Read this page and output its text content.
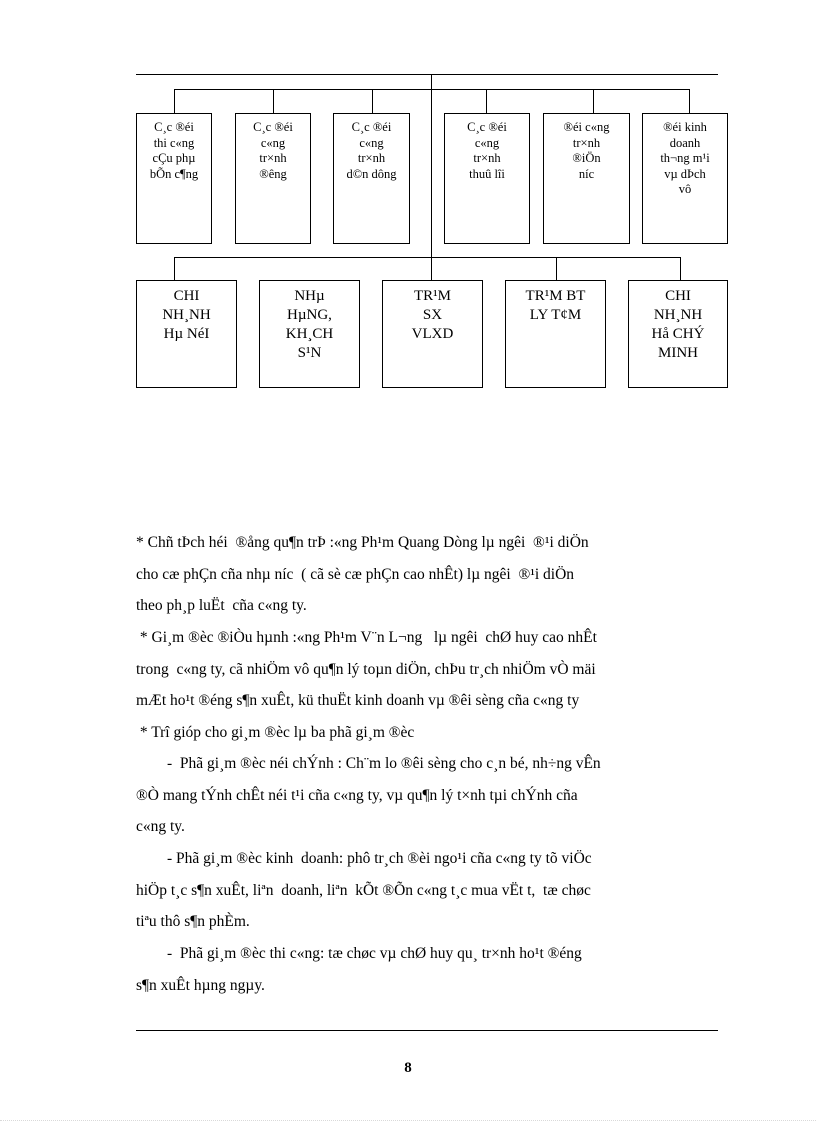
C¸c ®éi
thi c«ng
cÇu phµ
bÕn c¶ng
C¸c ®éi
c«ng
tr×nh
®êng
C¸c ®éi
c«ng
tr×nh
d©n dông
C¸c ®éi
c«ng
tr×nh
thuû lîi
®éi c«ng
tr×nh
®iÖn
níc
®éi kinh
doanh
th¬ng m¹i
vµ dÞch
vô
CHI
NH¸NH
Hµ NéI
NHµ
HµNG,
KH¸CH
S¹N
TR¹M
SX
VLXD
TR¹M BT
LY T¢M
CHI
NH¸NH
Hå CHÝ
MINH
* Chñ tÞch héi  ®ång qu¶n trÞ :«ng Ph¹m Quang Dòng lµ ngêi  ®¹i diÖn
cho cæ phÇn cña nhµ níc  ( cã sè cæ phÇn cao nhÊt) lµ ngêi  ®¹i diÖn
theo ph¸p luËt  cña c«ng ty.
* Gi¸m ®èc ®iÒu hµnh :«ng Ph¹m V¨n L¬ng   lµ ngêi  chØ huy cao nhÊt
trong  c«ng ty, cã nhiÖm vô qu¶n lý toµn diÖn, chÞu tr¸ch nhiÖm vÒ mäi
mÆt ho¹t ®éng s¶n xuÊt, kü thuËt kinh doanh vµ ®êi sèng cña c«ng ty
* Trî gióp cho gi¸m ®èc lµ ba phã gi¸m ®èc
-  Phã gi¸m ®èc néi chÝnh : Ch¨m lo ®êi sèng cho c¸n bé, nh÷ng vÊn
®Ò mang tÝnh chÊt néi t¹i cña c«ng ty, vµ qu¶n lý t×nh tµi chÝnh cña
c«ng ty.
- Phã gi¸m ®èc kinh  doanh: phô tr¸ch ®èi ngo¹i cña c«ng ty tõ viÖc
hiÖp t¸c s¶n xuÊt, liªn  doanh, liªn  kÕt ®Õn c«ng t¸c mua vËt t,  tæ chøc
tiªu thô s¶n phÈm.
-  Phã gi¸m ®èc thi c«ng: tæ chøc vµ chØ huy qu¸ tr×nh ho¹t ®éng
s¶n xuÊt hµng ngµy.
8
